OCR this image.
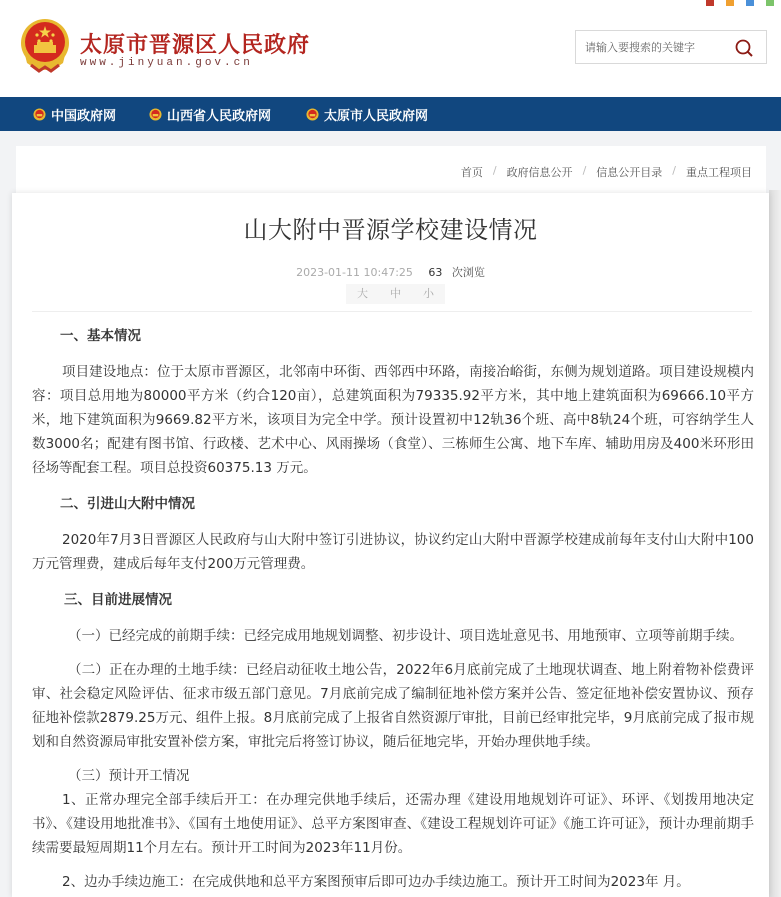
太原市晋源区人民政府
www.jinyuan.gov.cn
请输入要搜索的关键字
中国政府网	山西省人民政府网	太原市人民政府网
首页 / 政府信息公开 / 信息公开目录 / 重点工程项目
山大附中晋源学校建设情况
2023-01-11 10:47:25 63 次浏览
大	中	小
一、基本情况

项目建设地点：位于太原市晋源区，北邻南中环街、西邻西中环路，南接冶峪街，东侧为规划道路。项目建设规模内容：项目总用地为80000平方米（约合120亩），总建筑面积为79335.92平方米，其中地上建筑面积为69666.10平方米，地下建筑面积为9669.82平方米，该项目为完全中学。预计设置初中12轨36个班、高中8轨24个班，可容纳学生人数3000名；配建有图书馆、行政楼、艺术中心、风雨操场（食堂）、三栋师生公寓、地下车库、辅助用房及400米环形田径场等配套工程。项目总投资60375.13 万元。

二、引进山大附中情况

2020年7月3日晋源区人民政府与山大附中签订引进协议，协议约定山大附中晋源学校建成前每年支付山大附中100万元管理费，建成后每年支付200万元管理费。

三、目前进展情况

（一）已经完成的前期手续：已经完成用地规划调整、初步设计、项目选址意见书、用地预审、立项等前期手续。

（二）正在办理的土地手续：已经启动征收土地公告，2022年6月底前完成了土地现状调查、地上附着物补偿费评审、社会稳定风险评估、征求市级五部门意见。7月底前完成了编制征地补偿方案并公告、签定征地补偿安置协议、预存征地补偿款2879.25万元、组件上报。8月底前完成了上报省自然资源厅审批，目前已经审批完毕，9月底前完成了报市规划和自然资源局审批安置补偿方案，审批完后将签订协议，随后征地完毕，开始办理供地手续。

（三）预计开工情况

1、正常办理完全部手续后开工：在办理完供地手续后，还需办理《建设用地规划许可证》、环评、《划拨用地决定书》、《建设用地批准书》、《国有土地使用证》、总平方案图审查、《建设工程规划许可证》《施工许可证》，预计办理前期手续需要最短周期11个月左右。预计开工时间为2023年11月份。

2、边办手续边施工：在完成供地和总平方案图预审后即可边办手续边施工。预计开工时间为2023年 月。
